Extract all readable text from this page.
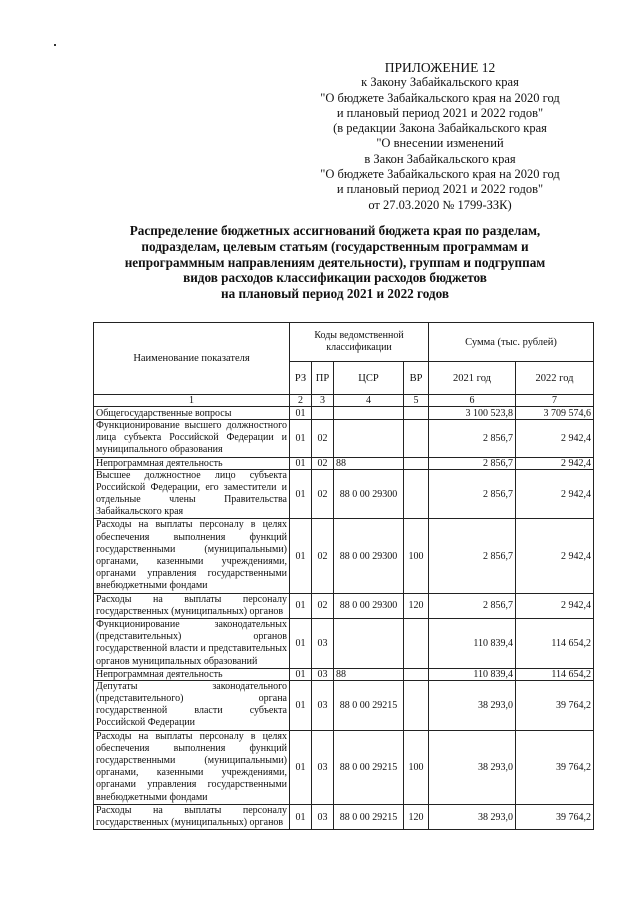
ПРИЛОЖЕНИЕ 12
к Закону Забайкальского края
"О бюджете Забайкальского края на 2020 год
и плановый период 2021 и 2022 годов"
(в редакции Закона Забайкальского края
"О внесении изменений
в Закон Забайкальского края
"О бюджете Забайкальского края на 2020 год
и плановый период 2021 и 2022 годов"
от 27.03.2020 № 1799-ЗЗК)
Распределение бюджетных ассигнований бюджета края по разделам,
подразделам, целевым статьям (государственным программам и
непрограммным направлениям деятельности), группам и подгруппам
видов расходов классификации расходов бюджетов
на плановый период 2021 и 2022 годов
Наименование показателя	Коды ведомственной классификации				Сумма (тыс. рублей)	
	РЗ	ПР	ЦСР	ВР	2021 год	2022 год
1	2	3	4	5	6	7
Общегосударственные вопросы	01				3 100 523,8	3 709 574,6
Функционирование высшего должностного лица субъекта Российской Федерации и муниципального образования	01	02			2 856,7	2 942,4
Непрограммная деятельность	01	02	88		2 856,7	2 942,4
Высшее должностное лицо субъекта Российской Федерации, его заместители и отдельные члены Правительства Забайкальского края	01	02	88 0 00 29300		2 856,7	2 942,4
Расходы на выплаты персоналу в целях обеспечения выполнения функций государственными (муниципальными) органами, казенными учреждениями, органами управления государственными внебюджетными фондами	01	02	88 0 00 29300	100	2 856,7	2 942,4
Расходы на выплаты персоналу государственных (муниципальных) органов	01	02	88 0 00 29300	120	2 856,7	2 942,4
Функционирование законодательных (представительных) органов государственной власти и представительных органов муниципальных образований	01	03			110 839,4	114 654,2
Непрограммная деятельность	01	03	88		110 839,4	114 654,2
Депутаты законодательного (представительного) органа государственной власти субъекта Российской Федерации	01	03	88 0 00 29215		38 293,0	39 764,2
Расходы на выплаты персоналу в целях обеспечения выполнения функций государственными (муниципальными) органами, казенными учреждениями, органами управления государственными внебюджетными фондами	01	03	88 0 00 29215	100	38 293,0	39 764,2
Расходы на выплаты персоналу государственных (муниципальных) органов	01	03	88 0 00 29215	120	38 293,0	39 764,2
